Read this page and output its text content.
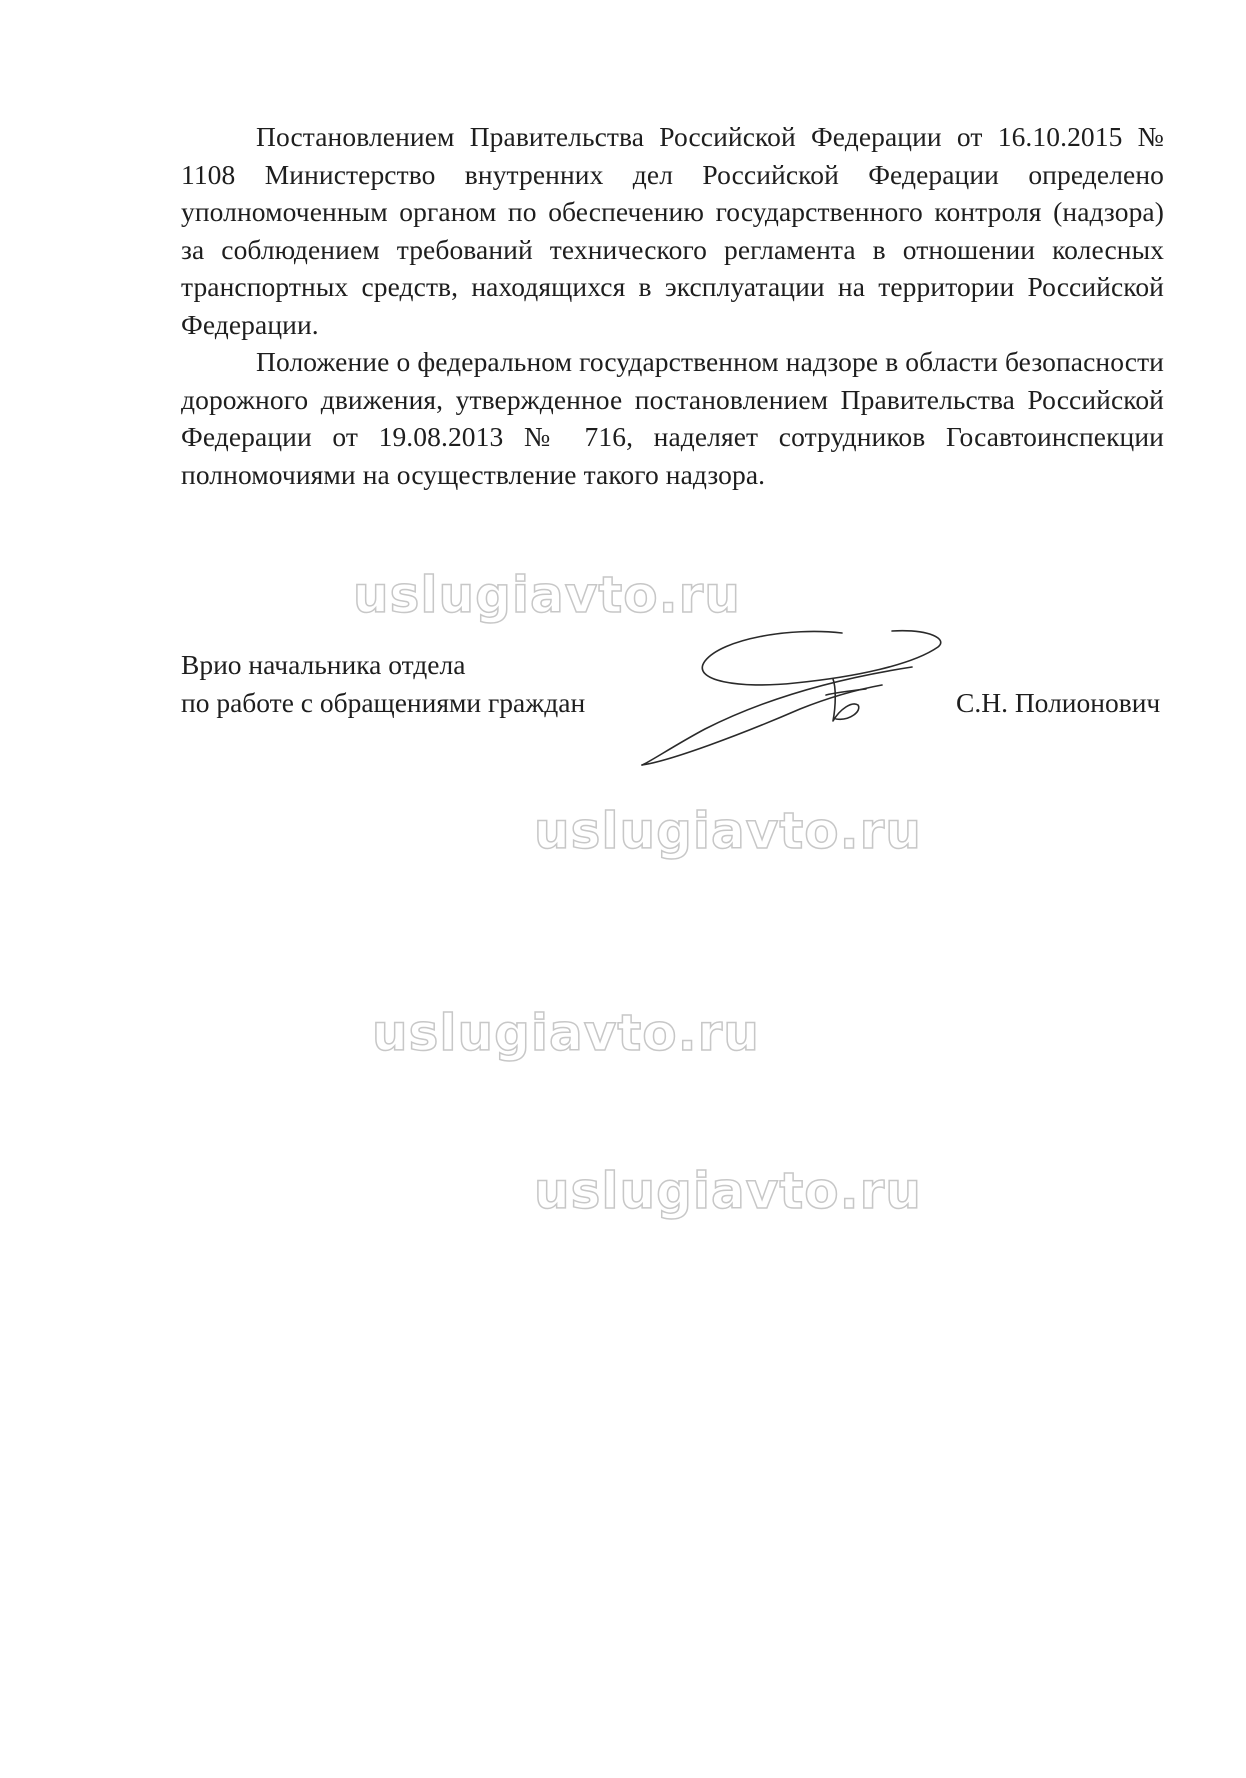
Постановлением Правительства Российской Федерации от 16.10.2015 № 1108 Министерство внутренних дел Российской Федерации определено уполномоченным органом по обеспечению государственного контроля (надзора) за соблюдением требований технического регламента в отношении колесных транспортных средств, находящихся в эксплуатации на территории Российской Федерации.

Положение о федеральном государственном надзоре в области безопасности дорожного движения, утвержденное постановлением Правительства Российской Федерации от 19.08.2013 № 716, наделяет сотрудников Госавтоинспекции полномочиями на осуществление такого надзора.

uslugiavto.ru
uslugiavto.ru
uslugiavto.ru
uslugiavto.ru
Врио начальника отдела
по работе с обращениями граждан	С.Н. Полионович
